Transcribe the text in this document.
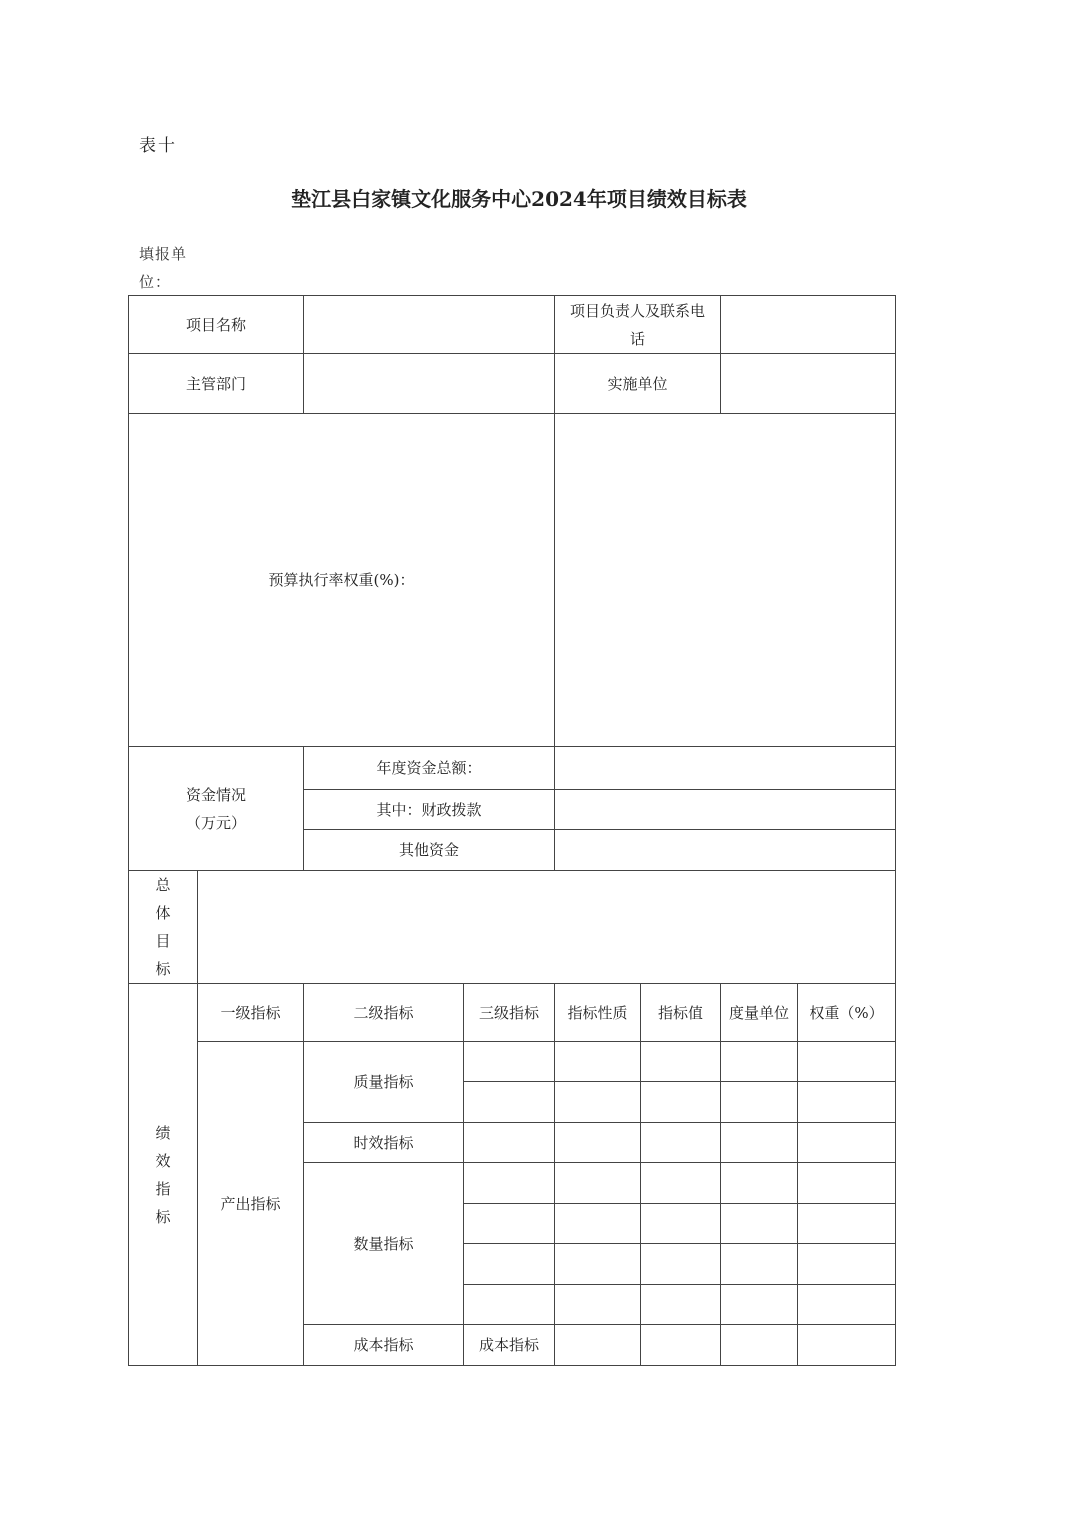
表十
垫江县白家镇文化服务中心2024年项目绩效目标表
填报单位：
项目名称				项目负责人及联系电话				
主管部门				实施单位				
预算执行率权重(%)：								

资金情况
（万元）		年度资金总额：						
		其中：财政拨款						
		其他资金						
总体目标								
绩效指标	一级指标	二级指标	三级指标	指标性质	指标值	度量单位	权重（%）	
	产出指标	质量指标						

		时效指标						
		数量指标						

		成本指标	成本指标					
